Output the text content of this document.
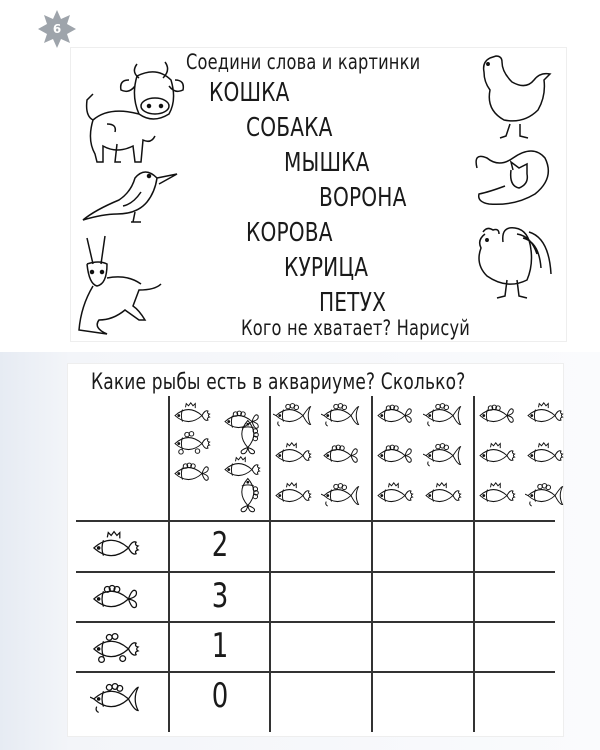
6
Соедини слова и картинки
КОШКА
СОБАКА
МЫШКА
ВОРОНА
КОРОВА
КУРИЦА
ПЕТУХ
Кого не хватает? Нарисуй
Какие рыбы есть в аквариуме? Сколько?
2
3
1
0
